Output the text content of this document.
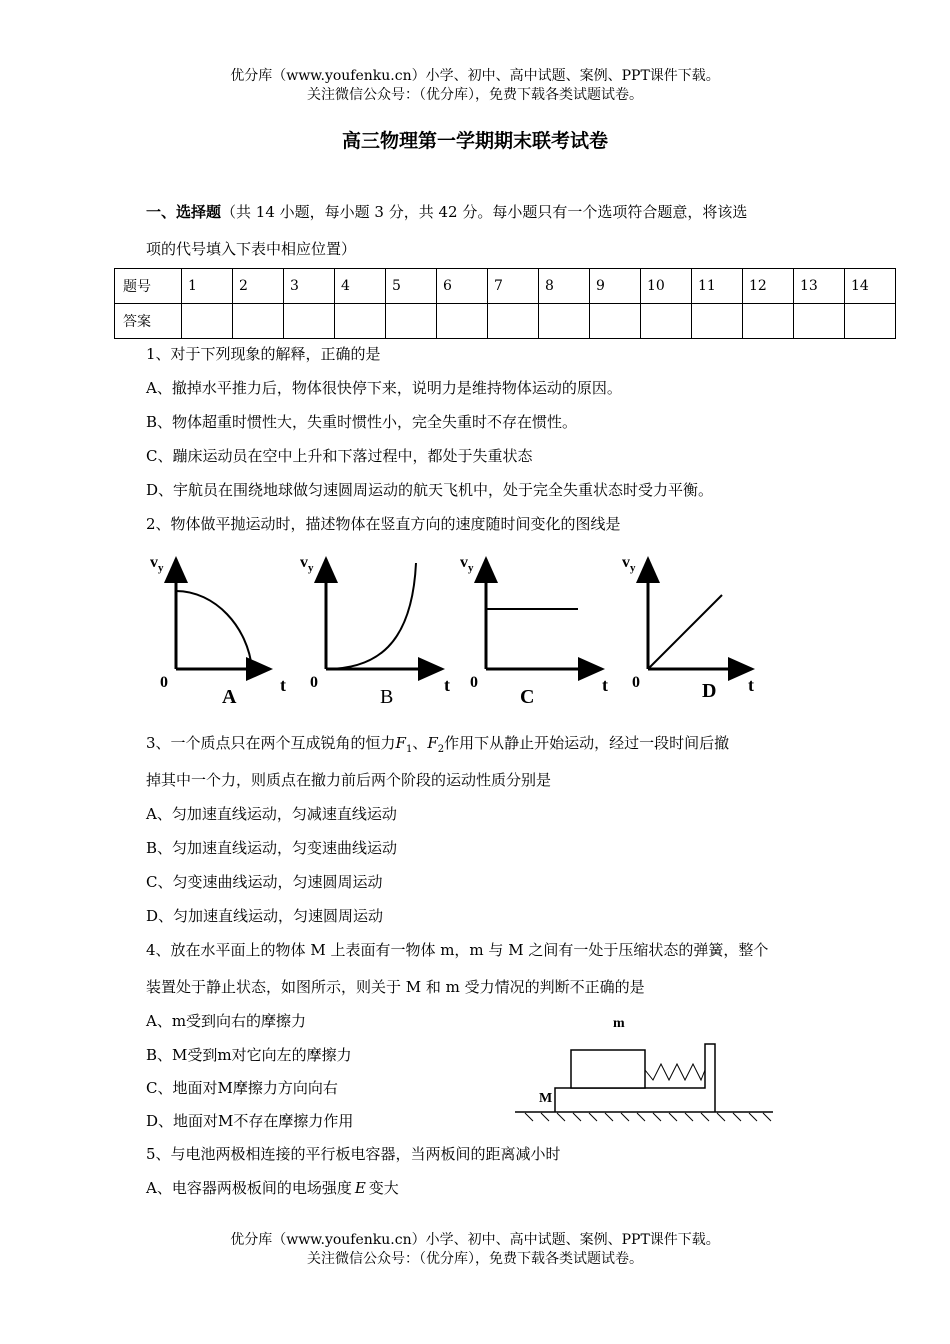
优分库（www.youfenku.cn）小学、初中、高中试题、案例、PPT课件下载。
关注微信公众号：（优分库），免费下载各类试题试卷。
高三物理第一学期期末联考试卷
一、选择题（共 14 小题，每小题 3 分，共 42 分。每小题只有一个选项符合题意，将该选
项的代号填入下表中相应位置）
题号	1	2	3	4	5	6	7	8	9	10	11	12	13	14
答案														
1、对于下列现象的解释，正确的是
A、撤掉水平推力后，物体很快停下来，说明力是维持物体运动的原因。
B、物体超重时惯性大，失重时惯性小，完全失重时不存在惯性。
C、蹦床运动员在空中上升和下落过程中，都处于失重状态
D、宇航员在围绕地球做匀速圆周运动的航天飞机中，处于完全失重状态时受力平衡。
2、物体做平抛运动时，描述物体在竖直方向的速度随时间变化的图线是
$v_y$
0	t
A
$v_y$
0	t
B
$v_y$
0	t
C
$v_y$
0	t
D
3、一个质点只在两个互成锐角的恒力$F_1$、$F_2$作用下从静止开始运动，经过一段时间后撤
掉其中一个力，则质点在撤力前后两个阶段的运动性质分别是
A、匀加速直线运动，匀减速直线运动
B、匀加速直线运动，匀变速曲线运动
C、匀变速曲线运动，匀速圆周运动
D、匀加速直线运动，匀速圆周运动
4、放在水平面上的物体 M 上表面有一物体 m，m 与 M 之间有一处于压缩状态的弹簧，整个
装置处于静止状态，如图所示，则关于 M 和 m 受力情况的判断不正确的是
A、m受到向右的摩擦力
B、M受到m对它向左的摩擦力
C、地面对M摩擦力方向向右
D、地面对M不存在摩擦力作用
m
M
5、与电池两极相连接的平行板电容器，当两板间的距离减小时
A、电容器两极板间的电场强度 E 变大
优分库（www.youfenku.cn）小学、初中、高中试题、案例、PPT课件下载。
关注微信公众号：（优分库），免费下载各类试题试卷。
